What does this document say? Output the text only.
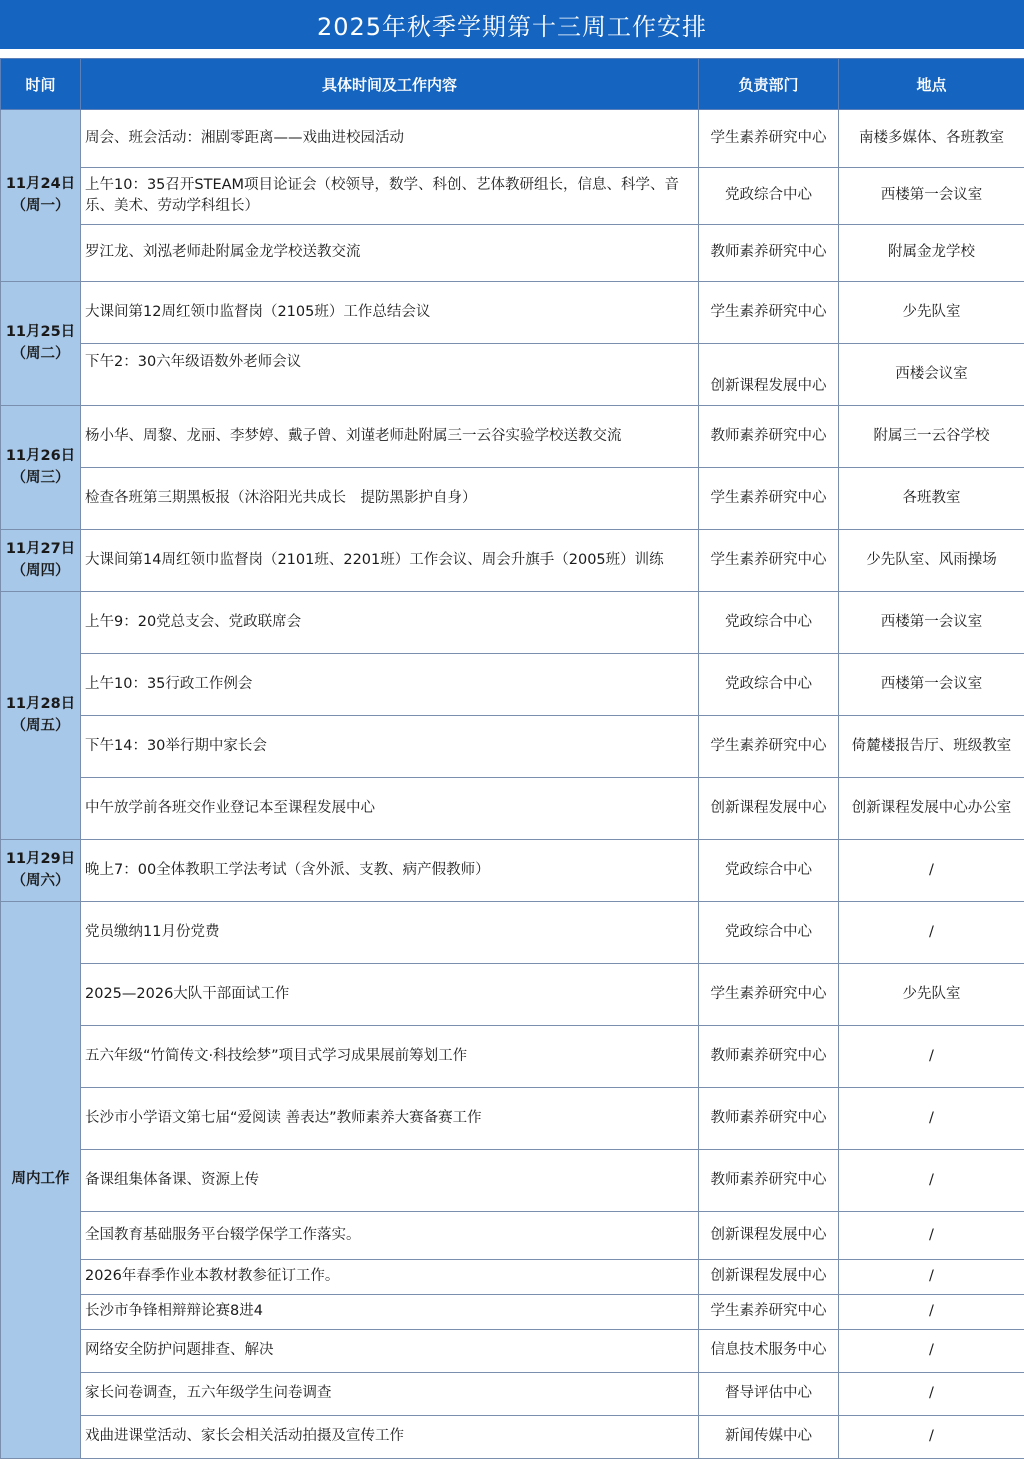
2025年秋季学期第十三周工作安排
时间	具体时间及工作内容	负责部门	地点

11月24日
（周一）	周会、班会活动：湘剧零距离——戏曲进校园活动	学生素养研究中心	南楼多媒体、各班教室
	上午10：35召开STEAM项目论证会（校领导，数学、科创、艺体教研组长，信息、科学、音乐、美术、劳动学科组长）	党政综合中心	西楼第一会议室
	罗江龙、刘泓老师赴附属金龙学校送教交流	教师素养研究中心	附属金龙学校

11月25日
（周二）	大课间第12周红领巾监督岗（2105班）工作总结会议	学生素养研究中心	少先队室
	下午2：30六年级语数外老师会议	创新课程发展中心	西楼会议室

11月26日
（周三）	杨小华、周黎、龙丽、李梦婷、戴子曾、刘谨老师赴附属三一云谷实验学校送教交流	教师素养研究中心	附属三一云谷学校
	检查各班第三期黑板报（沐浴阳光共成长　提防黑影护自身）	学生素养研究中心	各班教室

11月27日
（周四）	大课间第14周红领巾监督岗（2101班、2201班）工作会议、周会升旗手（2005班）训练	学生素养研究中心	少先队室、风雨操场

11月28日
（周五）	上午9：20党总支会、党政联席会	党政综合中心	西楼第一会议室
	上午10：35行政工作例会	党政综合中心	西楼第一会议室
	下午14：30举行期中家长会	学生素养研究中心	倚麓楼报告厅、班级教室
	中午放学前各班交作业登记本至课程发展中心	创新课程发展中心	创新课程发展中心办公室

11月29日
（周六）	晚上7：00全体教职工学法考试（含外派、支教、病产假教师）	党政综合中心	/

周内工作	党员缴纳11月份党费	党政综合中心	/
	2025—2026大队干部面试工作	学生素养研究中心	少先队室
	五六年级“竹简传文·科技绘梦”项目式学习成果展前筹划工作	教师素养研究中心	/
	长沙市小学语文第七届“爱阅读 善表达”教师素养大赛备赛工作	教师素养研究中心	/
	备课组集体备课、资源上传	教师素养研究中心	/
	全国教育基础服务平台辍学保学工作落实。	创新课程发展中心	/
	2026年春季作业本教材教参征订工作。	创新课程发展中心	/
	长沙市争锋相辩辩论赛8进4	学生素养研究中心	/
	网络安全防护问题排查、解决	信息技术服务中心	/
	家长问卷调查，五六年级学生问卷调查	督导评估中心	/
	戏曲进课堂活动、家长会相关活动拍摄及宣传工作	新闻传媒中心	/
